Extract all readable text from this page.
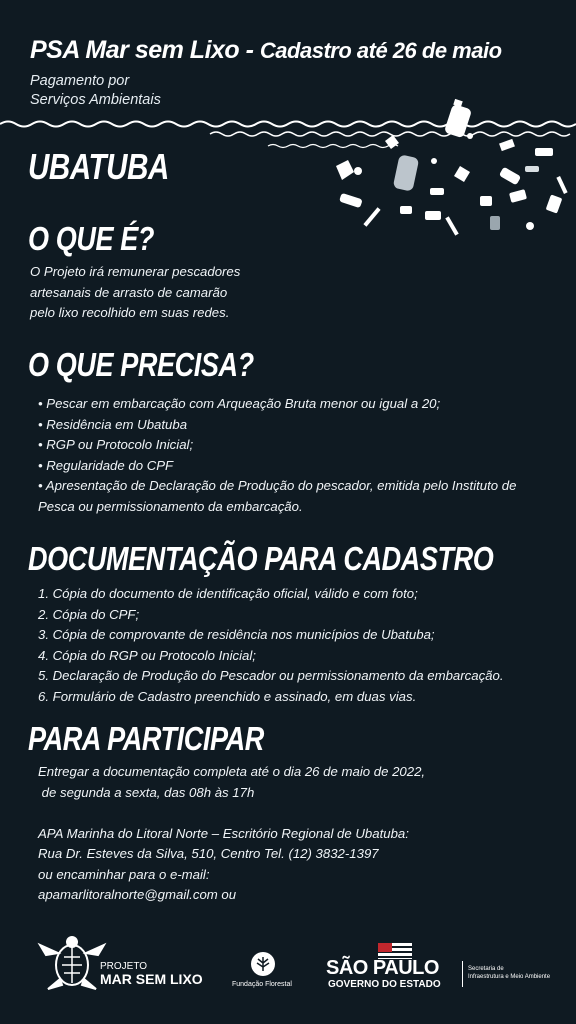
PSA Mar sem Lixo - Cadastro até 26 de maio
Pagamento por
Serviços Ambientais
UBATUBA
O QUE É?
O Projeto irá remunerar pescadores
artesanais de arrasto de camarão
pelo lixo recolhido em suas redes.
O QUE PRECISA?
• Pescar em embarcação com Arqueação Bruta menor ou igual a 20;
• Residência em Ubatuba
• RGP ou Protocolo Inicial;
• Regularidade do CPF
• Apresentação de Declaração de Produção do pescador, emitida pelo Instituto de
Pesca ou permissionamento da embarcação.
DOCUMENTAÇÃO PARA CADASTRO
1. Cópia do documento de identificação oficial, válido e com foto;
2. Cópia do CPF;
3. Cópia de comprovante de residência nos municípios de Ubatuba;
4. Cópia do RGP ou Protocolo Inicial;
5. Declaração de Produção do Pescador ou permissionamento da embarcação.
6. Formulário de Cadastro preenchido e assinado, em duas vias.
PARA PARTICIPAR
Entregar a documentação completa até o dia 26 de maio de 2022,
de segunda a sexta, das 08h às 17h
APA Marinha do Litoral Norte – Escritório Regional de Ubatuba:
Rua Dr. Esteves da Silva, 510, Centro Tel. (12) 3832-1397
ou encaminhar para o e-mail:
apamarlitoralnorte@gmail.com ou
PROJETO
MAR SEM LIXO	Fundação Florestal
SÃO PAULO
GOVERNO DO ESTADO
Secretaria de
Infraestrutura e Meio Ambiente
